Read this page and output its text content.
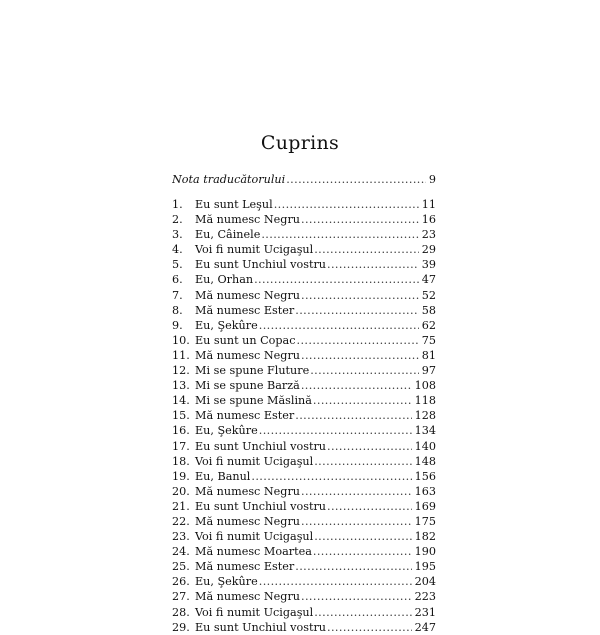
Cuprins
Nota traducătorului .....	9
1.	Eu sunt Leşul .....	11
2.	Mă numesc Negru .....	16
3.	Eu, Câinele .....	23
4.	Voi fi numit Ucigaşul .....	29
5.	Eu sunt Unchiul vostru .....	39
6.	Eu, Orhan .....	47
7.	Mă numesc Negru .....	52
8.	Mă numesc Ester .....	58
9.	Eu, Şekûre .....	62
10. Eu sunt un Copac .....	75
11. Mă numesc Negru .....	81
12. Mi se spune Fluture .....	97
13. Mi se spune Barză .....	108
14. Mi se spune Măslină .....	118
15. Mă numesc Ester .....	128
16. Eu, Şekûre .....	134
17. Eu sunt Unchiul vostru .....	140
18. Voi fi numit Ucigaşul .....	148
19. Eu, Banul .....	156
20. Mă numesc Negru .....	163
21. Eu sunt Unchiul vostru .....	169
22. Mă numesc Negru .....	175
23. Voi fi numit Ucigaşul .....	182
24. Mă numesc Moartea .....	190
25. Mă numesc Ester .....	195
26. Eu, Şekûre .....	204
27. Mă numesc Negru .....	223
28. Voi fi numit Ucigaşul .....	231
29. Eu sunt Unchiul vostru .....	247
